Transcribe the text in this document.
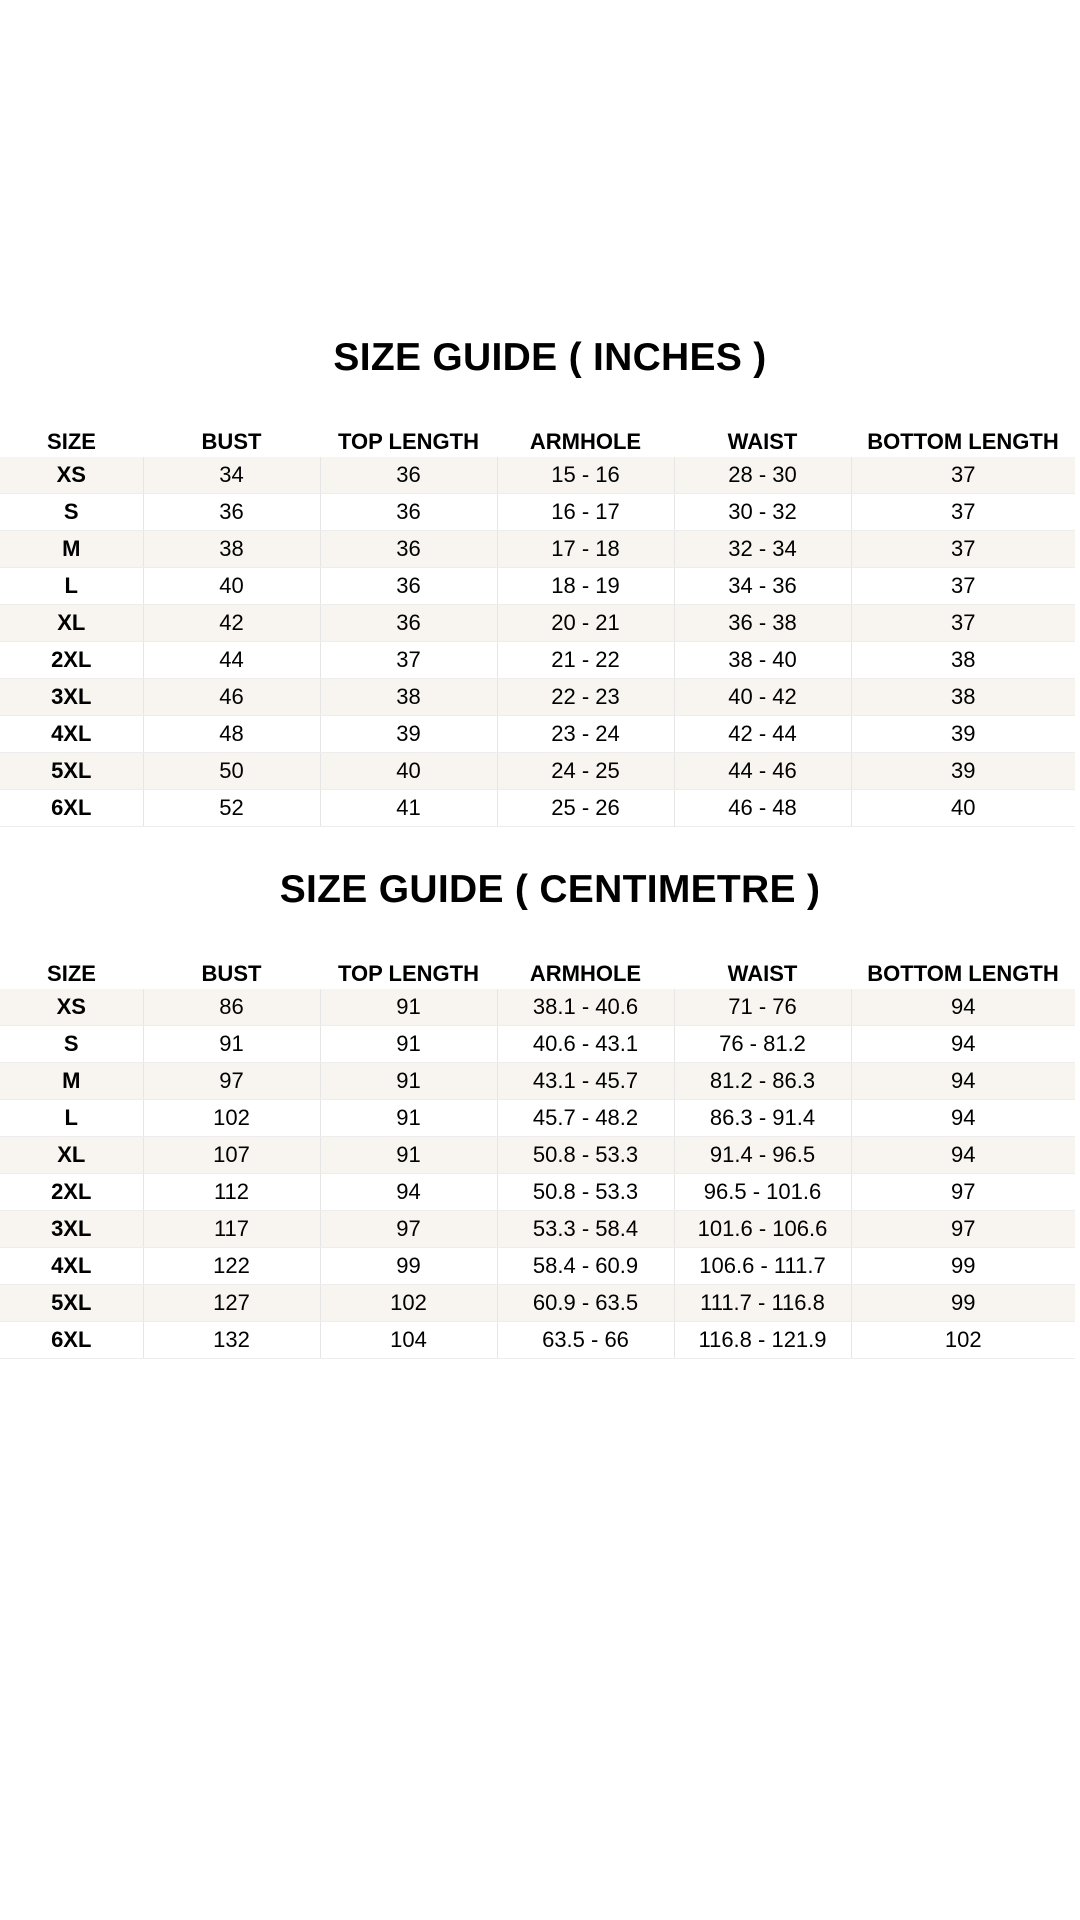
SIZE GUIDE ( INCHES )
SIZE	BUST	TOP LENGTH	ARMHOLE	WAIST	BOTTOM LENGTH
XS	34	36	15 - 16	28 - 30	37
S	36	36	16 - 17	30 - 32	37
M	38	36	17 - 18	32 - 34	37
L	40	36	18 - 19	34 - 36	37
XL	42	36	20 - 21	36 - 38	37
2XL	44	37	21 - 22	38 - 40	38
3XL	46	38	22 - 23	40 - 42	38
4XL	48	39	23 - 24	42 - 44	39
5XL	50	40	24 - 25	44 - 46	39
6XL	52	41	25 - 26	46 - 48	40
SIZE GUIDE ( CENTIMETRE )
SIZE	BUST	TOP LENGTH	ARMHOLE	WAIST	BOTTOM LENGTH
XS	86	91	38.1 - 40.6	71 - 76	94
S	91	91	40.6 - 43.1	76 - 81.2	94
M	97	91	43.1 - 45.7	81.2 - 86.3	94
L	102	91	45.7 - 48.2	86.3 - 91.4	94
XL	107	91	50.8 - 53.3	91.4 - 96.5	94
2XL	112	94	50.8 - 53.3	96.5 - 101.6	97
3XL	117	97	53.3 - 58.4	101.6 - 106.6	97
4XL	122	99	58.4 - 60.9	106.6 - 111.7	99
5XL	127	102	60.9 - 63.5	111.7 - 116.8	99
6XL	132	104	63.5 - 66	116.8 - 121.9	102
